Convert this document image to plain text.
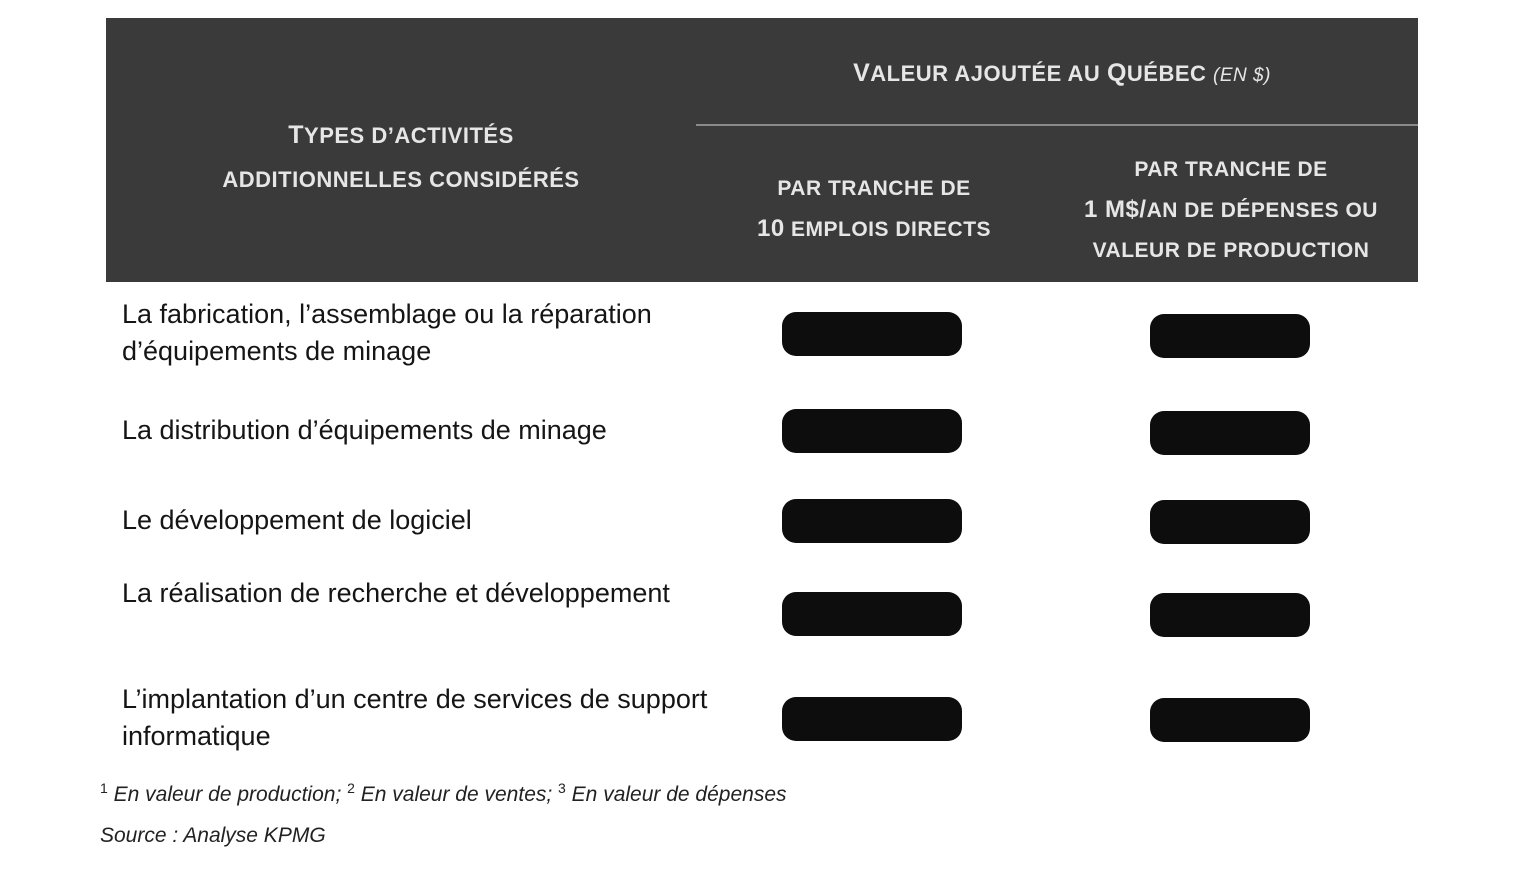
TYPES D’ACTIVITÉS
ADDITIONNELLES CONSIDÉRÉS
VALEUR AJOUTÉE AU QUÉBEC (EN $)
PAR TRANCHE DE
10 EMPLOIS DIRECTS
PAR TRANCHE DE
1 M$/AN DE DÉPENSES OU
VALEUR DE PRODUCTION
La fabrication, l’assemblage ou la réparation d’équipements de minage
La distribution d’équipements de minage
Le développement de logiciel
La réalisation de recherche et développement
L’implantation d’un centre de services de support informatique
$^1$ En valeur de production; $^2$ En valeur de ventes; $^3$ En valeur de dépenses
Source : Analyse KPMG
